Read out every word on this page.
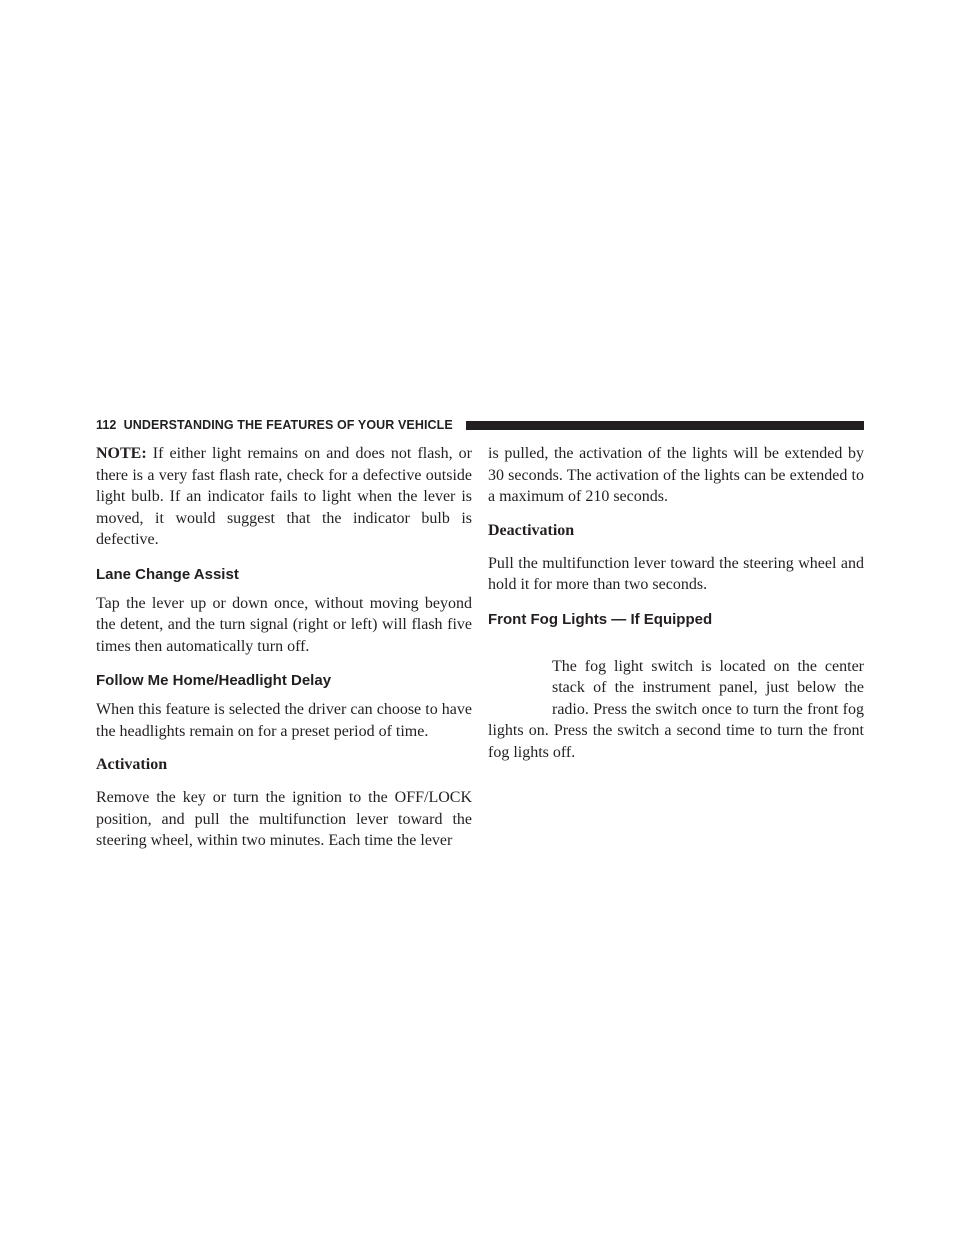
112 UNDERSTANDING THE FEATURES OF YOUR VEHICLE

NOTE: If either light remains on and does not flash, or there is a very fast flash rate, check for a defective outside light bulb. If an indicator fails to light when the lever is moved, it would suggest that the indicator bulb is defective.

Lane Change Assist

Tap the lever up or down once, without moving beyond the detent, and the turn signal (right or left) will flash five times then automatically turn off.

Follow Me Home/Headlight Delay

When this feature is selected the driver can choose to have the headlights remain on for a preset period of time.

Activation

Remove the key or turn the ignition to the OFF/LOCK position, and pull the multifunction lever toward the steering wheel, within two minutes. Each time the lever

is pulled, the activation of the lights will be extended by 30 seconds. The activation of the lights can be extended to a maximum of 210 seconds.

Deactivation

Pull the multifunction lever toward the steering wheel and hold it for more than two seconds.

Front Fog Lights — If Equipped

The fog light switch is located on the center stack of the instrument panel, just below the radio. Press the switch once to turn the front fog lights on. Press the switch a second time to turn the front fog lights off.
